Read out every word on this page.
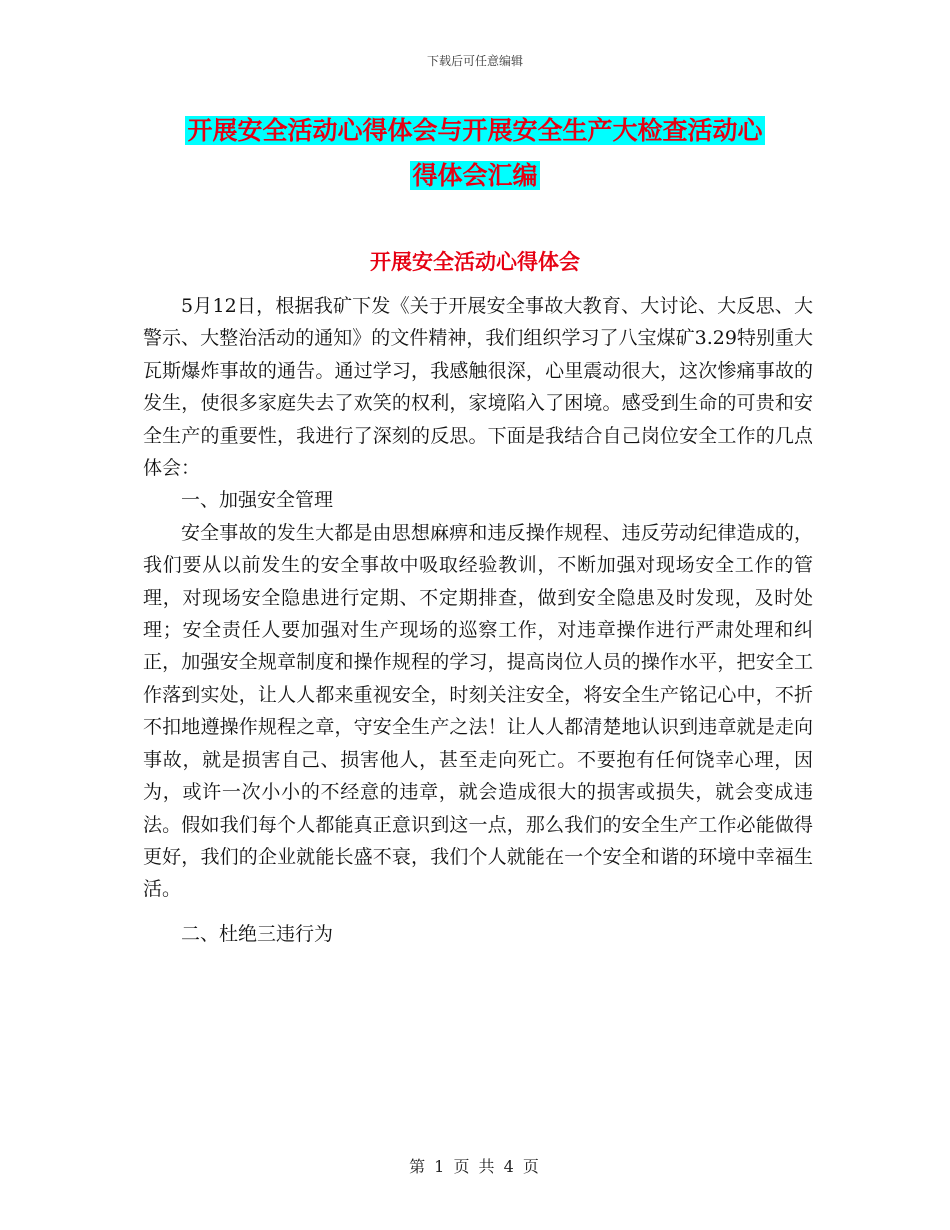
下载后可任意编辑
开展安全活动心得体会与开展安全生产大检查活动心
得体会汇编
开展安全活动心得体会

5月12日，根据我矿下发《关于开展安全事故大教育、大讨论、大反思、大警示、大整治活动的通知》的文件精神，我们组织学习了八宝煤矿3.29特别重大瓦斯爆炸事故的通告。通过学习，我感触很深，心里震动很大，这次惨痛事故的发生，使很多家庭失去了欢笑的权利，家境陷入了困境。感受到生命的可贵和安全生产的重要性，我进行了深刻的反思。下面是我结合自己岗位安全工作的几点体会：

一、加强安全管理

安全事故的发生大都是由思想麻痹和违反操作规程、违反劳动纪律造成的，我们要从以前发生的安全事故中吸取经验教训，不断加强对现场安全工作的管理，对现场安全隐患进行定期、不定期排查，做到安全隐患及时发现，及时处理；安全责任人要加强对生产现场的巡察工作，对违章操作进行严肃处理和纠正，加强安全规章制度和操作规程的学习，提高岗位人员的操作水平，把安全工作落到实处，让人人都来重视安全，时刻关注安全，将安全生产铭记心中，不折不扣地遵操作规程之章，守安全生产之法！让人人都清楚地认识到违章就是走向事故，就是损害自己、损害他人，甚至走向死亡。不要抱有任何饶幸心理，因为，或许一次小小的不经意的违章，就会造成很大的损害或损失，就会变成违法。假如我们每个人都能真正意识到这一点，那么我们的安全生产工作必能做得更好，我们的企业就能长盛不衰，我们个人就能在一个安全和谐的环境中幸福生活。

二、杜绝三违行为

第 1 页 共 4 页
